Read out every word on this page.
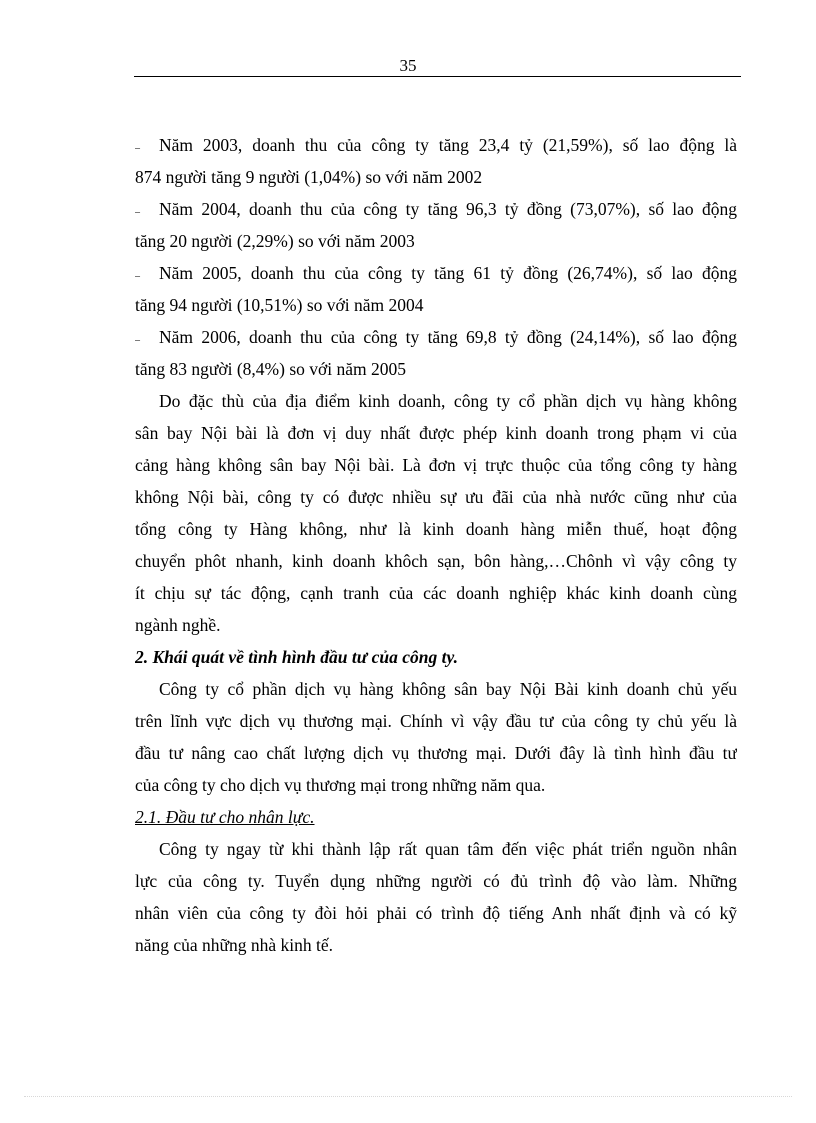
35
– Năm 2003, doanh thu của công ty tăng 23,4 tỷ (21,59%), số lao động là
874 người tăng 9 người (1,04%) so với năm 2002
– Năm 2004, doanh thu của công ty tăng 96,3 tỷ đồng (73,07%), số lao động
tăng 20 người (2,29%) so với năm 2003
– Năm 2005, doanh thu của công ty tăng 61 tỷ đồng (26,74%), số lao động
tăng 94 người (10,51%) so với năm 2004
– Năm 2006, doanh thu của công ty tăng 69,8 tỷ đồng (24,14%), số lao động
tăng 83 người (8,4%) so với năm 2005
Do đặc thù của địa điểm kinh doanh, công ty cổ phần dịch vụ hàng không
sân bay Nội bài là đơn vị duy nhất được phép kinh doanh trong phạm vi của
cảng hàng không sân bay Nội bài. Là đơn vị trực thuộc của tổng công ty hàng
không Nội bài, công ty có được nhiều sự ưu đãi của nhà nước cũng như của
tổng công ty Hàng không, như là kinh doanh hàng miễn thuế, hoạt động
chuyển phôt nhanh, kinh doanh khôch sạn, bôn hàng,…Chônh vì vậy công ty
ít chịu sự tác động, cạnh tranh của các doanh nghiệp khác kinh doanh cùng
ngành nghề.
2. Khái quát về tình hình đầu tư của công ty.
Công ty cổ phần dịch vụ hàng không sân bay Nội Bài kinh doanh chủ yếu
trên lĩnh vực dịch vụ thương mại. Chính vì vậy đầu tư của công ty chủ yếu là
đầu tư nâng cao chất lượng dịch vụ thương mại. Dưới đây là tình hình đầu tư
của công ty cho dịch vụ thương mại trong những năm qua.
2.1. Đầu tư cho nhân lực.
Công ty ngay từ khi thành lập rất quan tâm đến việc phát triển nguồn nhân
lực của công ty. Tuyển dụng những người có đủ trình độ vào làm. Những
nhân viên của công ty đòi hỏi phải có trình độ tiếng Anh nhất định và có kỹ
năng của những nhà kinh tế.
